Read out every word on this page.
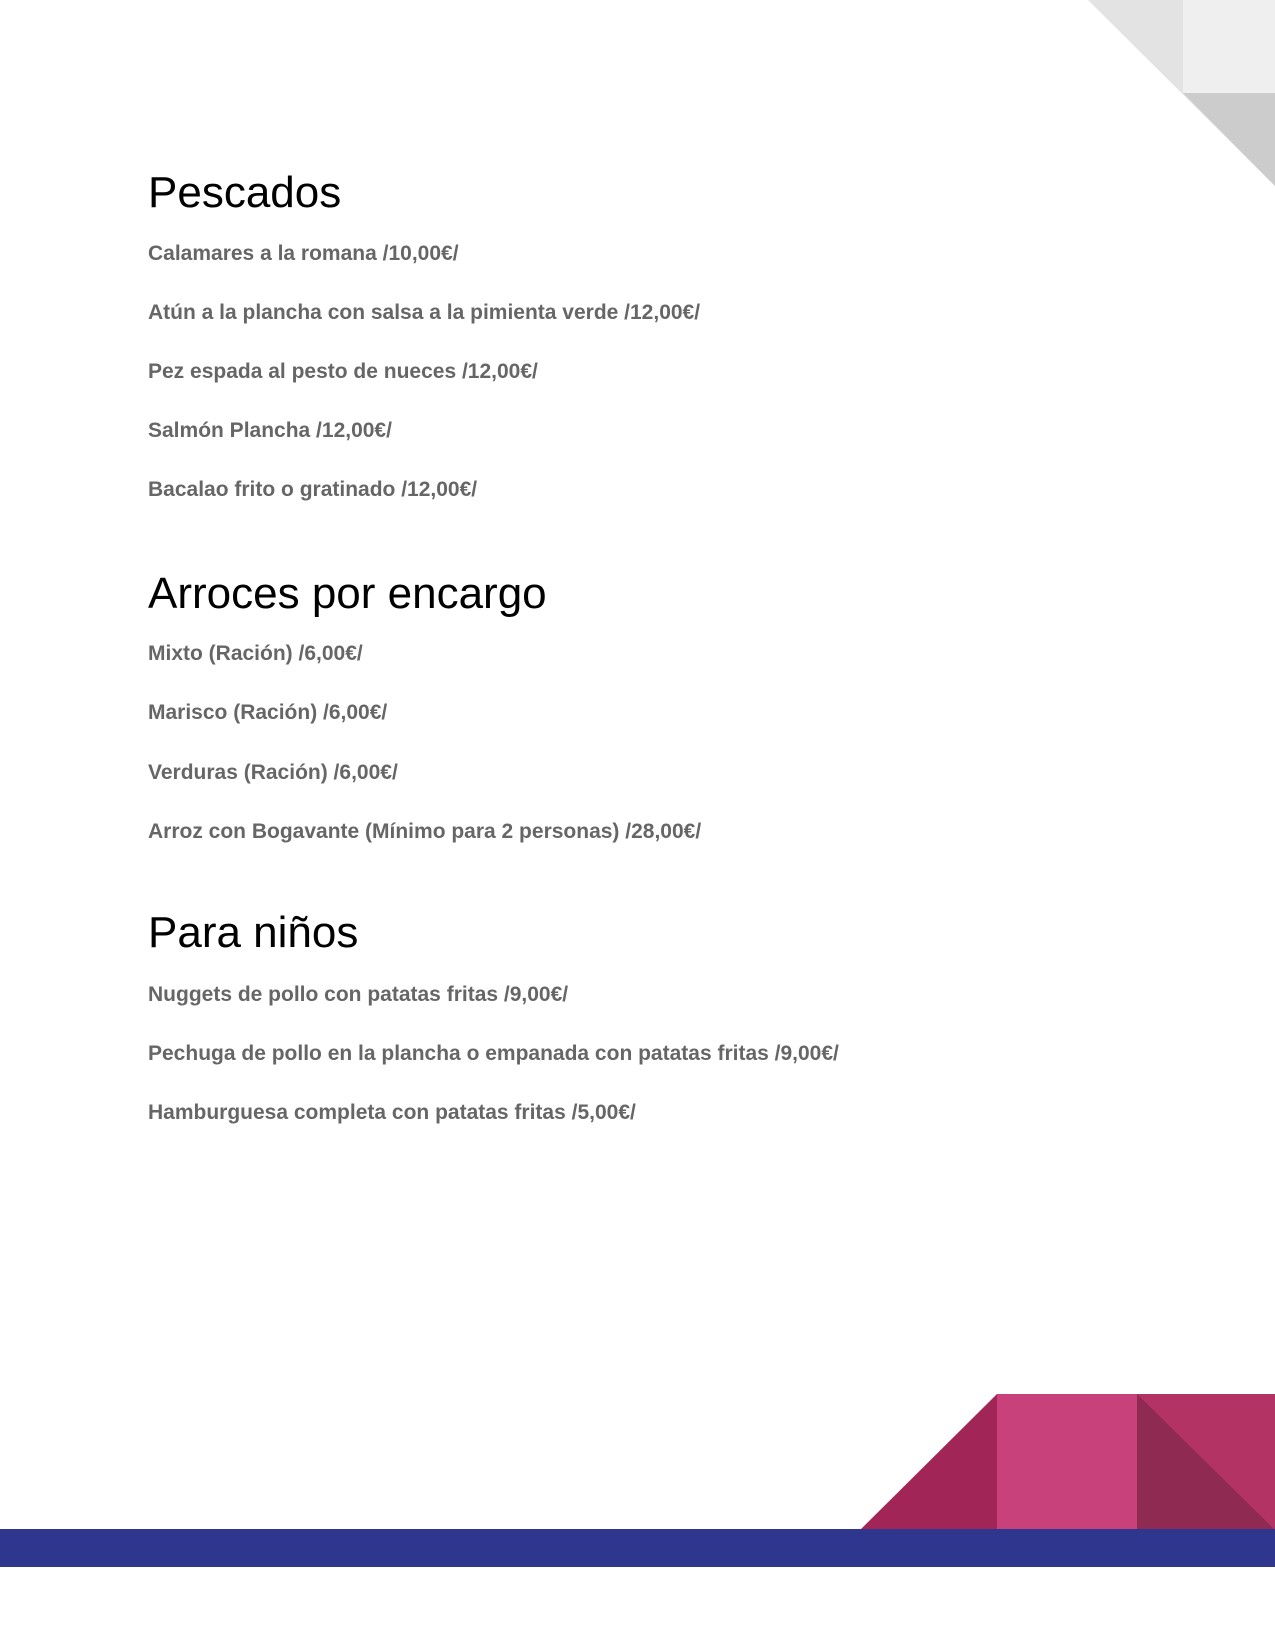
Pescados

Calamares a la romana /10,00€/

Atún a la plancha con salsa a la pimienta verde /12,00€/

Pez espada al pesto de nueces /12,00€/

Salmón Plancha /12,00€/

Bacalao frito o gratinado /12,00€/

Arroces por encargo

Mixto (Ración) /6,00€/

Marisco (Ración) /6,00€/

Verduras (Ración) /6,00€/

Arroz con Bogavante (Mínimo para 2 personas) /28,00€/

Para niños

Nuggets de pollo con patatas fritas /9,00€/

Pechuga de pollo en la plancha o empanada con patatas fritas /9,00€/

Hamburguesa completa con patatas fritas /5,00€/
